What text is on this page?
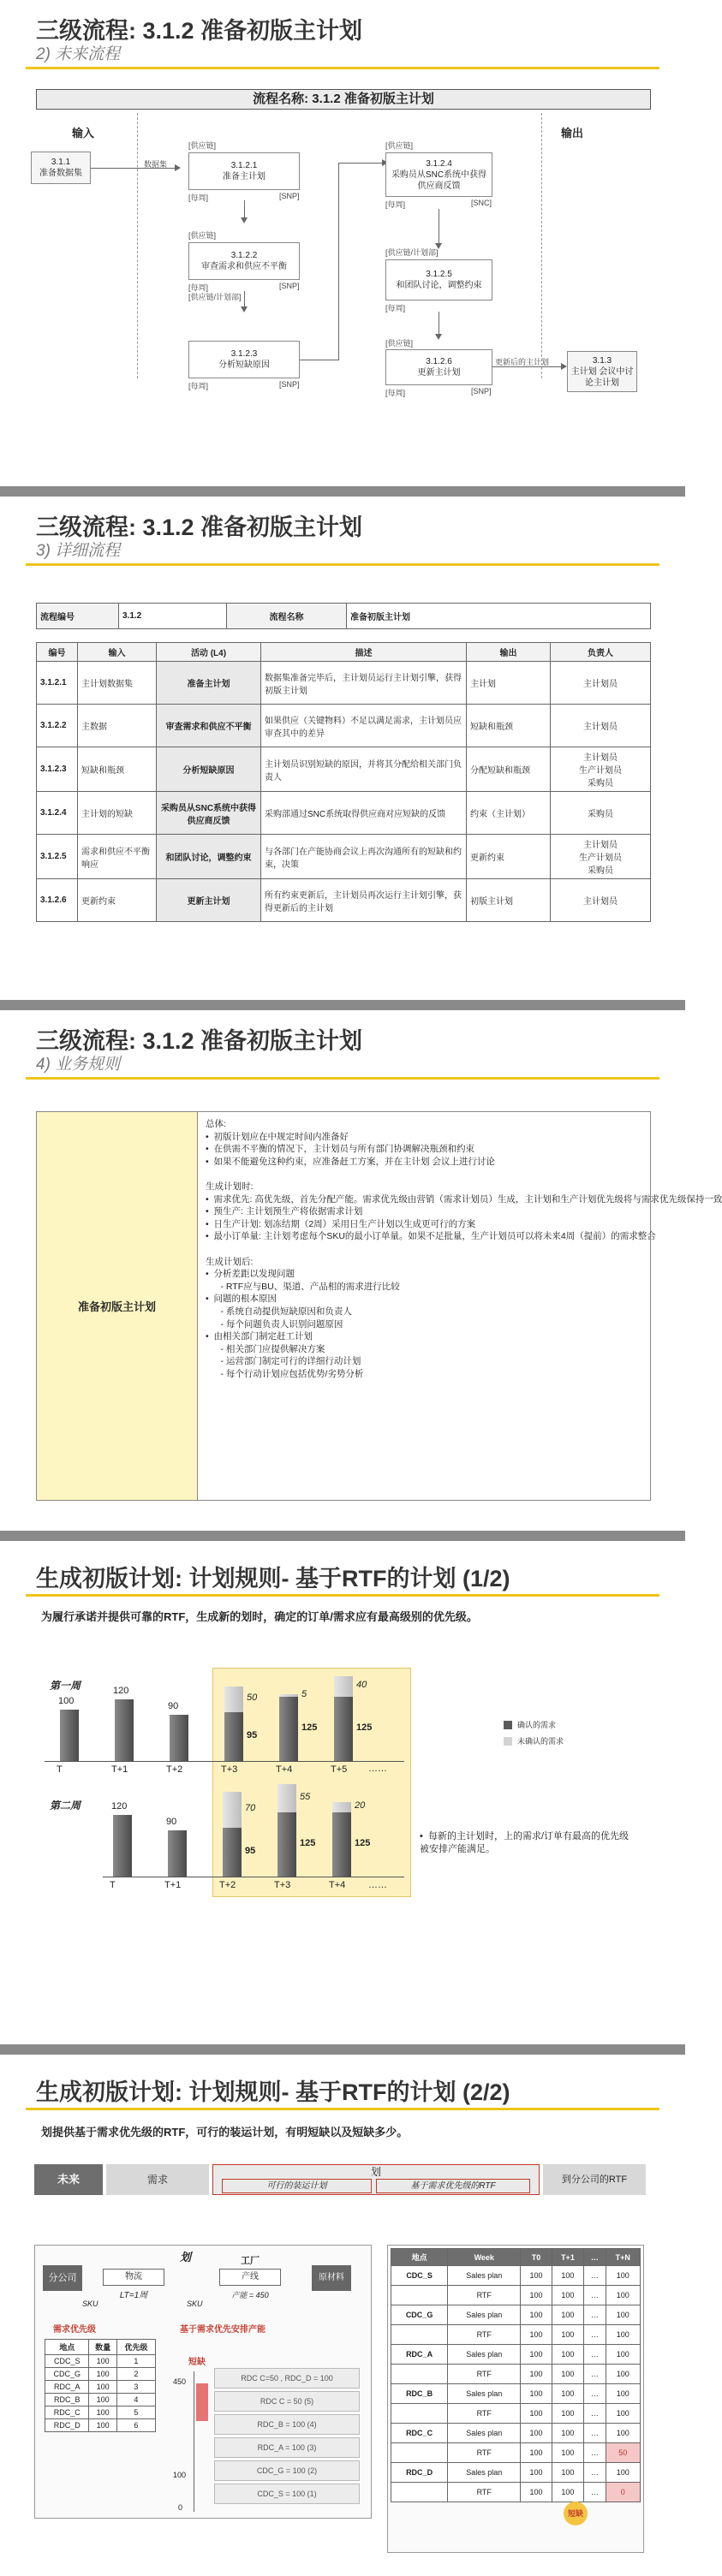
三级流程: 3.1.2 准备初版主计划
2) 未来流程
流程名称: 3.1.2 准备初版主计划
输入	输出
3.1.1
准备数据集
数据集
[供应链]
3.1.2.1
准备主计划
[每周]	[SNP]
[供应链]
3.1.2.2
审查需求和供应不平衡
[每周]	[SNP]
[供应链/计划部]
3.1.2.3
分析短缺原因
[每周]	[SNP]
[供应链]
3.1.2.4
采购员从SNC系统中获得供应商反馈
[每周]	[SNC]
[供应链/计划部]
3.1.2.5
和团队讨论，调整约束
[每周]
[供应链]
3.1.2.6
更新主计划
[每周]	[SNP]
更新后的主计划	3.1.3
主计划 会议中讨论主计划
三级流程: 3.1.2 准备初版主计划
3) 详细流程
流程编号	3.1.2	流程名称	准备初版主计划
编号	输入	活动 (L4)	描述	输出	负责人
3.1.2.1	主计划数据集	准备主计划	数据集准备完毕后，主计划员运行主计划引擎，获得初版主计划	主计划	主计划员
3.1.2.2	主数据	审查需求和供应不平衡	如果供应（关键物料）不足以满足需求，主计划员应审查其中的差异	短缺和瓶颈	主计划员
3.1.2.3	短缺和瓶颈	分析短缺原因	主计划员识别短缺的原因，并将其分配给相关部门负责人	分配短缺和瓶颈	主计划员
生产计划员
采购员
3.1.2.4	主计划的短缺	采购员从SNC系统中获得供应商反馈	采购部通过SNC系统取得供应商对应短缺的反馈	约束（主计划）	采购员
3.1.2.5	需求和供应不平衡响应	和团队讨论，调整约束	与各部门在产能协商会议上再次沟通所有的短缺和约束，决策	更新约束	主计划员
生产计划员
采购员
3.1.2.6	更新约束	更新主计划	所有约束更新后，主计划员再次运行主计划引擎，获得更新后的主计划	初版主计划	主计划员
三级流程: 3.1.2 准备初版主计划
4) 业务规则
准备初版主计划
总体:
•  初版计划应在中规定时间内准备好
•  在供需不平衡的情况下，主计划员与所有部门协调解决瓶颈和约束
•  如果不能避免这种约束，应准备赶工方案，并在主计划 会议上进行讨论

生成计划时:
•  需求优先: 高优先级，首先分配产能。需求优先级由营销（需求计划员）生成，主计划和生产计划优先级将与需求优先级保持一致
•  预生产: 主计划预生产将依据需求计划
•  日生产计划: 划冻结期（2周）采用日生产计划以生成更可行的方案
•  最小订单量: 主计划考虑每个SKU的最小订单量。如果不足批量，生产计划员可以将未来4周（提前）的需求整合

生成计划后:
•  分析差距以发现问题
- RTF应与BU、渠道、产品相的需求进行比较
•  问题的根本原因
- 系统自动提供短缺原因和负责人
- 每个问题负责人识别问题原因
•  由相关部门制定赶工计划
- 相关部门应提供解决方案
- 运营部门制定可行的详细行动计划
- 每个行动计划应包括优势/劣势分析
生成初版计划: 计划规则- 基于RTF的计划 (1/2)
为履行承诺并提供可靠的RTF，生成新的划时，确定的订单/需求应有最高级别的优先级。
第一周
第二周
100
T
120
T+1
90
T+2
95
50
T+3
125
5
T+4
125
40
T+5
120
T
90
T+1
95
70
T+2
125
55
T+3
125
20
T+4
……
……
确认的需求
未确认的需求
•  每新的主计划时，上的需求/订单有最高的优先级被安排产能满足。
生成初版计划: 计划规则- 基于RTF的计划 (2/2)
划提供基于需求优先级的RTF，可行的装运计划，有明短缺以及短缺多少。
未来	需求
划
可行的装运计划	基于需求优先级的RTF
到分公司的RTF
划
分公司	物流
LT=1周
工厂
产线
产能 = 450
原材料
SKU	SKU
需求优先级
地点	数量	优先级
CDC_S	100	1
CDC_G	100	2
RDC_A	100	3
RDC_B	100	4
RDC_C	100	5
RDC_D	100	6
基于需求优先安排产能
短缺
450
100
0
RDC C=50 , RDC_D = 100
RDC C = 50 (5)
RDC_B = 100 (4)
RDC_A = 100 (3)
CDC_G = 100 (2)
CDC_S = 100 (1)
地点	Week	T0	T+1	…	T+N
CDC_S	Sales plan	100	100	…	100
	RTF	100	100	…	100
CDC_G	Sales plan	100	100	…	100
	RTF	100	100	…	100
RDC_A	Sales plan	100	100	…	100
	RTF	100	100	…	100
RDC_B	Sales plan	100	100	…	100
	RTF	100	100	…	100
RDC_C	Sales plan	100	100	…	100
	RTF	100	100	…	50
RDC_D	Sales plan	100	100	…	100
	RTF	100	100	…	0
短缺
